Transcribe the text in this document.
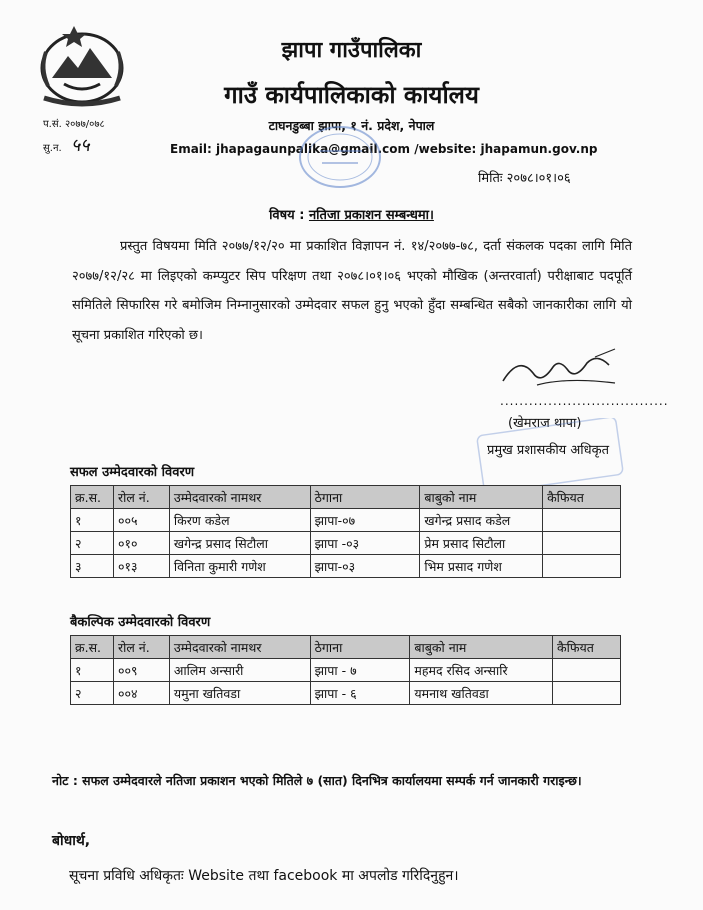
झापा गाउँपालिका
गाउँ कार्यपालिकाको कार्यालय
टाघनडुब्बा झापा, १ नं. प्रदेश, नेपाल
Email: jhapagaunpalika@gmail.com /website: jhapamun.gov.np
प.सं. २०७७/०७८
सु.न. ५५
मितिः २०७८।०१।०६
विषय : नतिजा प्रकाशन सम्बन्धमा।

प्रस्तुत विषयमा मिति २०७७/१२/२० मा प्रकाशित विज्ञापन नं. १४/२०७७-७८, दर्ता संकलक पदका लागि मिति २०७७/१२/२८ मा लिइएको कम्प्युटर सिप परिक्षण तथा २०७८।०१।०६ भएको मौखिक (अन्तरवार्ता) परीक्षाबाट पदपूर्ति समितिले सिफारिस गरे बमोजिम निम्नानुसारको उम्मेदवार सफल हुनु भएको हुँदा सम्बन्धित सबैको जानकारीका लागि यो सूचना प्रकाशित गरिएको छ।

...................................
(खेमराज थापा)
प्रमुख प्रशासकीय अधिकृत
सफल उम्मेदवारको विवरण
क्र.स.	रोल नं.	उम्मेदवारको नामथर	ठेगाना	बाबुको नाम	कैफियत
१	००५	किरण कडेल	झापा-०७	खगेन्द्र प्रसाद कडेल	
२	०१०	खगेन्द्र प्रसाद सिटौला	झापा -०३	प्रेम प्रसाद सिटौला	
३	०१३	विनिता कुमारी गणेश	झापा-०३	भिम प्रसाद गणेश	
बैकल्पिक उम्मेदवारको विवरण
क्र.स.	रोल नं.	उम्मेदवारको नामथर	ठेगाना	बाबुको नाम	कैफियत
१	००९	आलिम अन्सारी	झापा - ७	महमद रसिद अन्सारि	
२	००४	यमुना खतिवडा	झापा - ६	यमनाथ खतिवडा	
नोट : सफल उम्मेदवारले नतिजा प्रकाशन भएको मितिले ७ (सात) दिनभित्र कार्यालयमा सम्पर्क गर्न जानकारी गराइन्छ।
बोधार्थ,
सूचना प्रविधि अधिकृतः Website तथा facebook मा अपलोड गरिदिनुहुन।
